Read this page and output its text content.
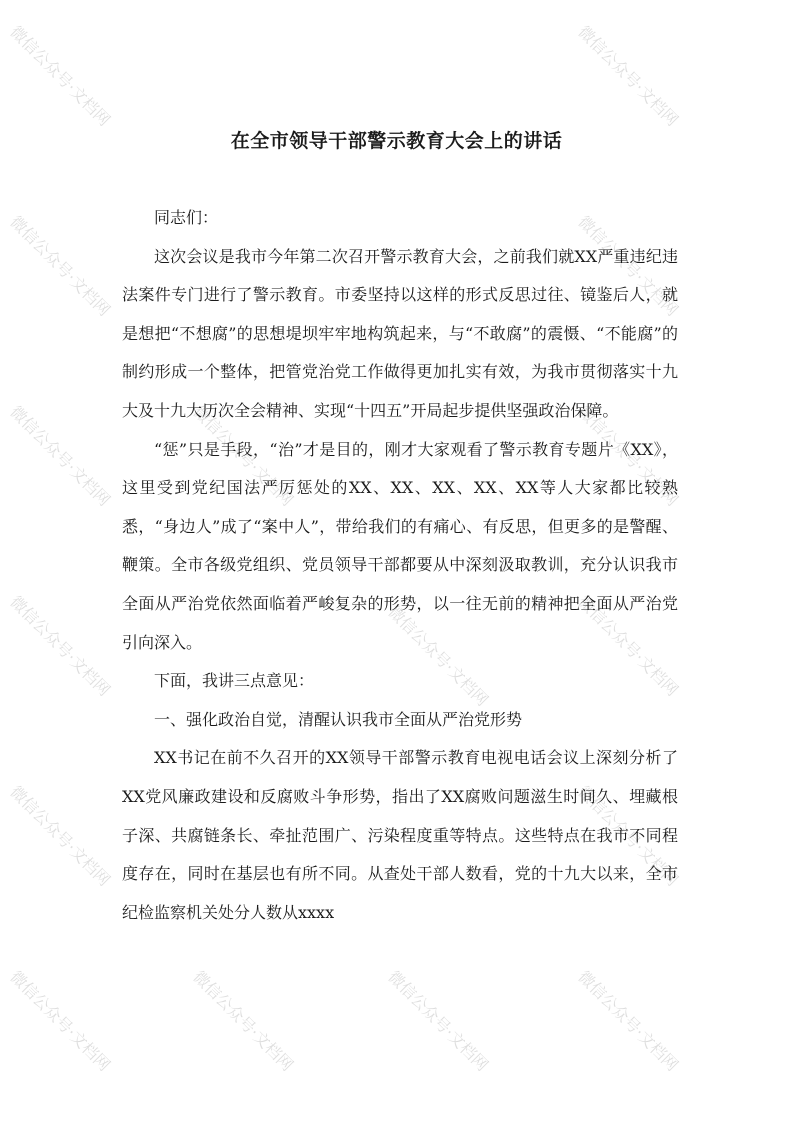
在全市领导干部警示教育大会上的讲话

同志们：

这次会议是我市今年第二次召开警示教育大会，之前我们就XX严重违纪违法案件专门进行了警示教育。市委坚持以这样的形式反思过往、镜鉴后人，就是想把“不想腐”的思想堤坝牢牢地构筑起来，与“不敢腐”的震慑、“不能腐”的制约形成一个整体，把管党治党工作做得更加扎实有效，为我市贯彻落实十九大及十九大历次全会精神、实现“十四五”开局起步提供坚强政治保障。

“惩”只是手段，“治”才是目的，刚才大家观看了警示教育专题片《XX》，这里受到党纪国法严厉惩处的XX、XX、XX、XX、XX等人大家都比较熟悉，“身边人”成了“案中人”，带给我们的有痛心、有反思，但更多的是警醒、鞭策。全市各级党组织、党员领导干部都要从中深刻汲取教训，充分认识我市全面从严治党依然面临着严峻复杂的形势，以一往无前的精神把全面从严治党引向深入。

下面，我讲三点意见：

一、强化政治自觉，清醒认识我市全面从严治党形势

XX书记在前不久召开的XX领导干部警示教育电视电话会议上深刻分析了XX党风廉政建设和反腐败斗争形势，指出了XX腐败问题滋生时间久、埋藏根子深、共腐链条长、牵扯范围广、污染程度重等特点。这些特点在我市不同程度存在，同时在基层也有所不同。从查处干部人数看，党的十九大以来，全市纪检监察机关处分人数从xxxx

微信公众号·文档网	微信公众号·文档网
微信公众号·文档网	微信公众号·文档网
微信公众号·文档网	微信公众号·文档网
微信公众号·文档网	微信公众号·文档网
微信公众号·文档网	微信公众号·文档网
微信公众号·文档网	微信公众号·文档网
微信公众号·文档网
微信公众号·文档网
微信公众号·文档网	微信公众号·文档网
